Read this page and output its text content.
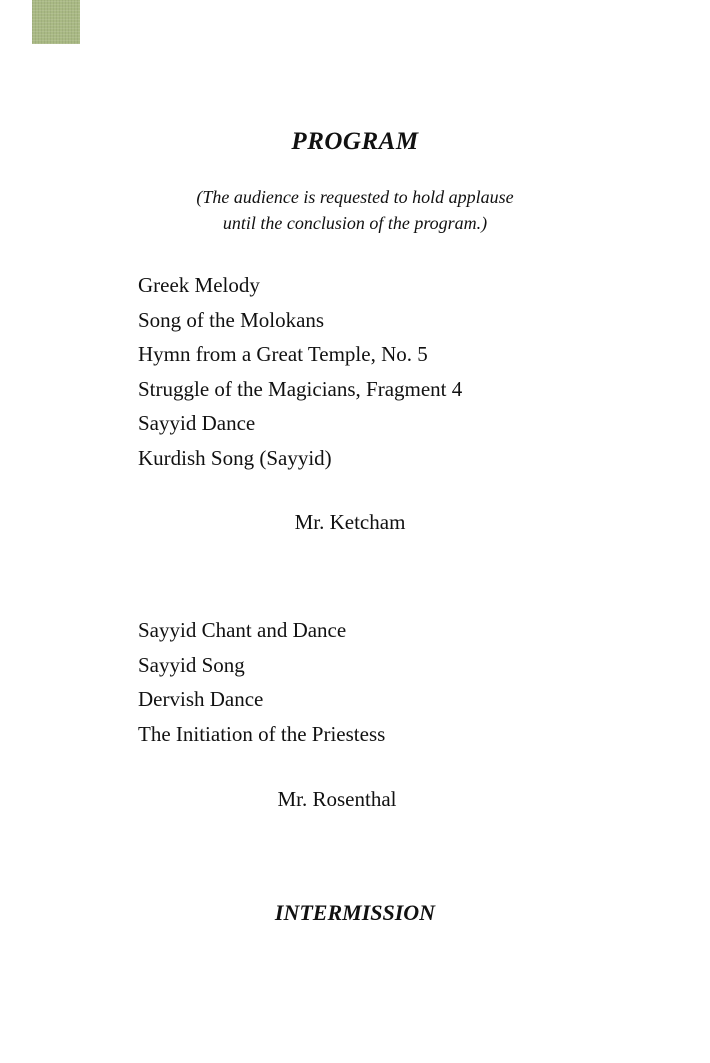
PROGRAM

(The audience is requested to hold applause
until the conclusion of the program.)

Greek Melody
Song of the Molokans
Hymn from a Great Temple, No. 5
Struggle of the Magicians, Fragment 4
Sayyid Dance
Kurdish Song (Sayyid)

Mr. Ketcham

Sayyid Chant and Dance
Sayyid Song
Dervish Dance
The Initiation of the Priestess

Mr. Rosenthal

INTERMISSION
